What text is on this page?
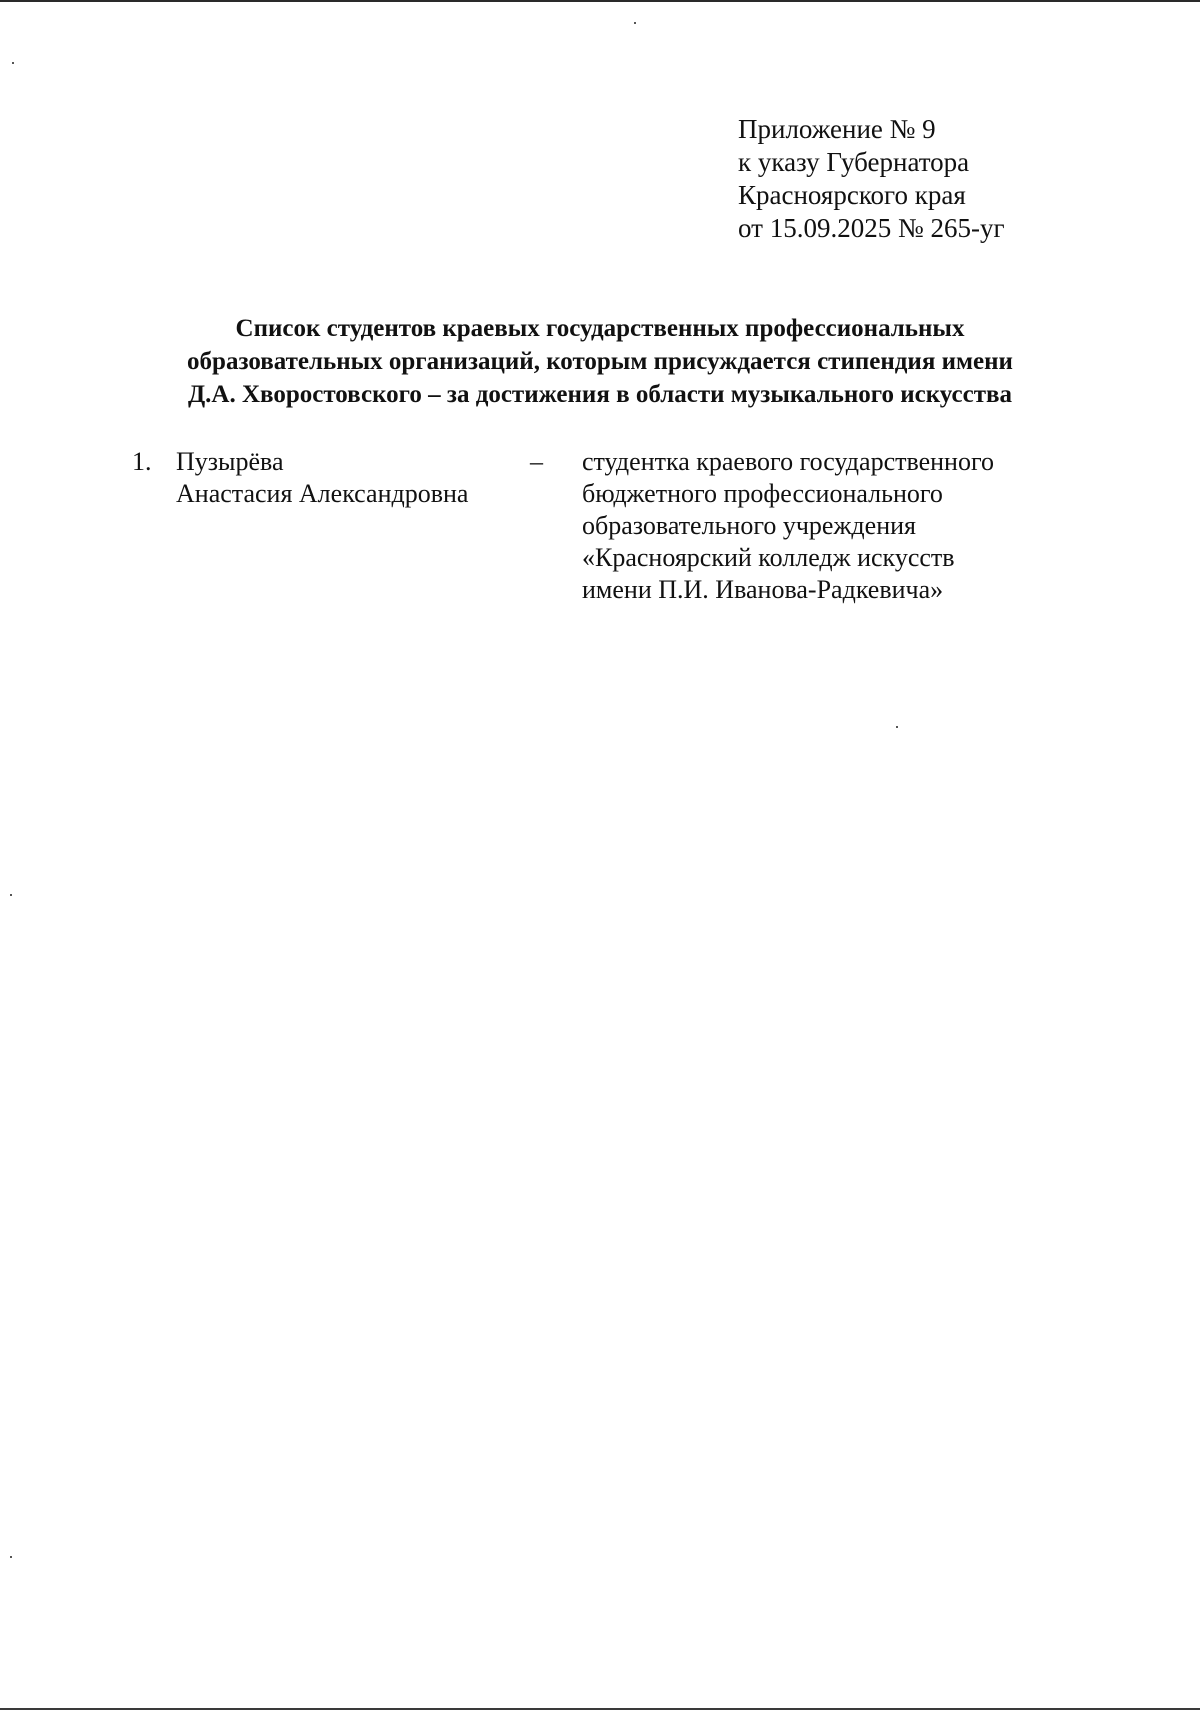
Приложение № 9
к указу Губернатора
Красноярского края
от 15.09.2025 № 265-уг
Список студентов краевых государственных профессиональных
образовательных организаций, которым присуждается стипендия имени
Д.А. Хворостовского – за достижения в области музыкального искусства
1. Пузырёва
Анастасия Александровна
– студентка краевого государственного
бюджетного профессионального
образовательного учреждения
«Красноярский колледж искусств
имени П.И. Иванова-Радкевича»
